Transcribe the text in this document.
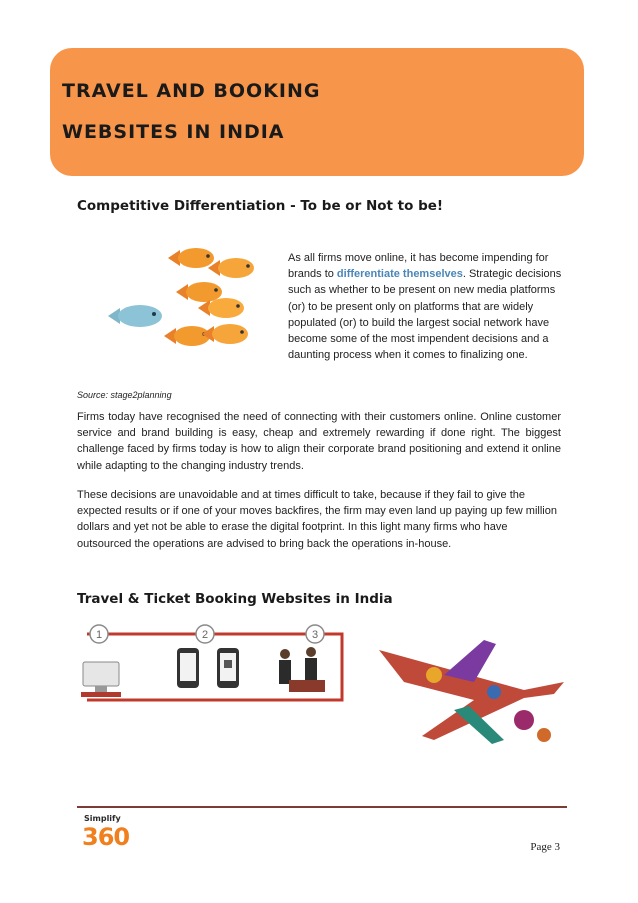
TRAVEL AND BOOKING
WEBSITES IN INDIA
Competitive Differentiation - To be or Not to be!

As all firms move online, it has become impending for brands to differentiate themselves. Strategic decisions such as whether to be present on new media platforms (or) to be present only on platforms that are widely populated (or) to build the largest social network have become some of the most impendent decisions and a daunting process when it comes to finalizing one.

Source: stage2planning

Firms today have recognised the need of connecting with their customers online. Online customer service and brand building is easy, cheap and extremely rewarding if done right. The biggest challenge faced by firms today is how to align their corporate brand positioning and extend it online while adapting to the changing industry trends.

These decisions are unavoidable and at times difficult to take, because if they fail to give the expected results or if one of your moves backfires, the firm may even land up paying up few million dollars and yet not be able to erase the digital footprint. In this light many firms who have outsourced the operations are advised to bring back the operations in-house.

Travel & Ticket Booking Websites in India
1	2	3
Simplify
360	Page 3
